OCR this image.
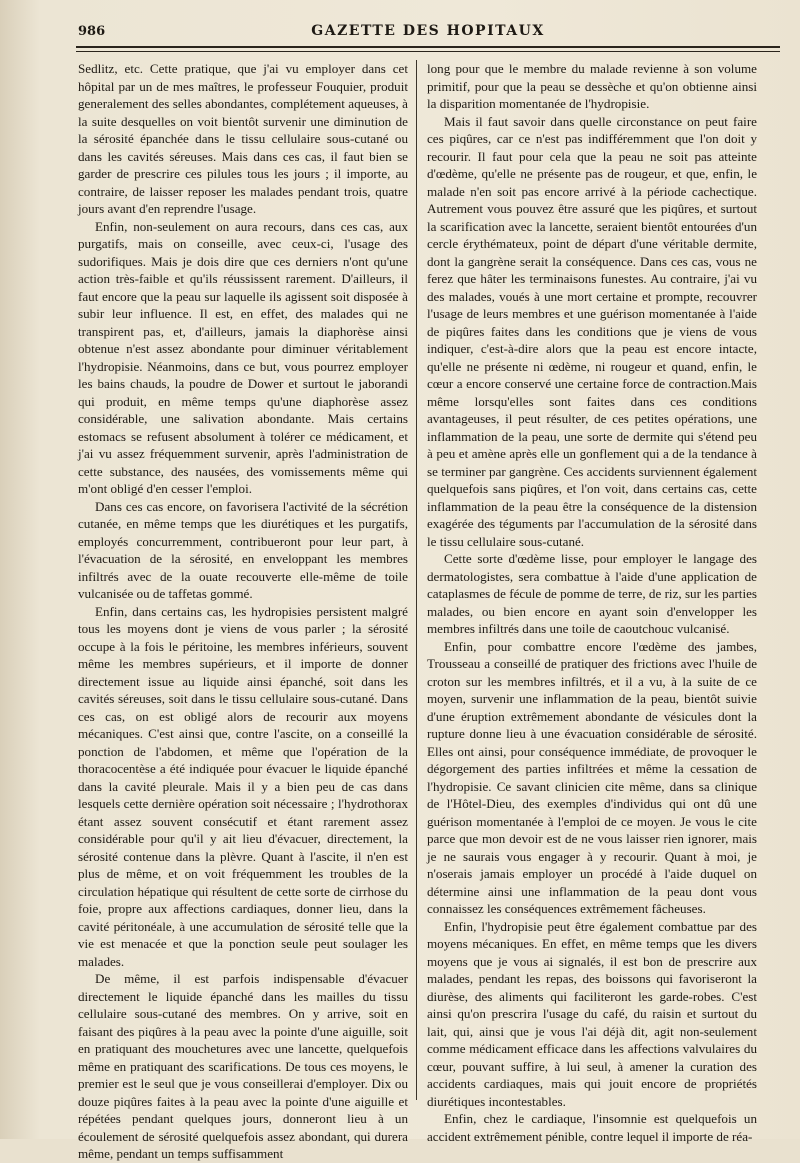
986	GAZETTE DES HOPITAUX

Sedlitz, etc. Cette pratique, que j'ai vu employer dans cet hôpital par un de mes maîtres, le professeur Fouquier, produit generalement des selles abondantes, complétement aqueuses, à la suite desquelles on voit bientôt survenir une diminution de la sérosité épanchée dans le tissu cellulaire sous-cutané ou dans les cavités séreuses. Mais dans ces cas, il faut bien se garder de prescrire ces pilules tous les jours ; il importe, au contraire, de laisser reposer les malades pendant trois, quatre jours avant d'en reprendre l'usage.

Enfin, non-seulement on aura recours, dans ces cas, aux purgatifs, mais on conseille, avec ceux-ci, l'usage des sudorifiques. Mais je dois dire que ces derniers n'ont qu'une action très-faible et qu'ils réussissent rarement. D'ailleurs, il faut encore que la peau sur laquelle ils agissent soit disposée à subir leur influence. Il est, en effet, des malades qui ne transpirent pas, et, d'ailleurs, jamais la diaphorèse ainsi obtenue n'est assez abondante pour diminuer véritablement l'hydropisie. Néanmoins, dans ce but, vous pourrez employer les bains chauds, la poudre de Dower et surtout le jaborandi qui produit, en même temps qu'une diaphorèse assez considérable, une salivation abondante. Mais certains estomacs se refusent absolument à tolérer ce médicament, et j'ai vu assez fréquemment survenir, après l'administration de cette substance, des nausées, des vomissements même qui m'ont obligé d'en cesser l'emploi.

Dans ces cas encore, on favorisera l'activité de la sécrétion cutanée, en même temps que les diurétiques et les purgatifs, employés concurremment, contribueront pour leur part, à l'évacuation de la sérosité, en enveloppant les membres infiltrés avec de la ouate recouverte elle-même de toile vulcanisée ou de taffetas gommé.

Enfin, dans certains cas, les hydropisies persistent malgré tous les moyens dont je viens de vous parler ; la sérosité occupe à la fois le péritoine, les membres inférieurs, souvent même les membres supérieurs, et il importe de donner directement issue au liquide ainsi épanché, soit dans les cavités séreuses, soit dans le tissu cellulaire sous-cutané. Dans ces cas, on est obligé alors de recourir aux moyens mécaniques. C'est ainsi que, contre l'ascite, on a conseillé la ponction de l'abdomen, et même que l'opération de la thoracocentèse a été indiquée pour évacuer le liquide épanché dans la cavité pleurale. Mais il y a bien peu de cas dans lesquels cette dernière opération soit nécessaire ; l'hydrothorax étant assez souvent consécutif et étant rarement assez considérable pour qu'il y ait lieu d'évacuer, directement, la sérosité contenue dans la plèvre. Quant à l'ascite, il n'en est plus de même, et on voit fréquemment les troubles de la circulation hépatique qui résultent de cette sorte de cirrhose du foie, propre aux affections cardiaques, donner lieu, dans la cavité péritonéale, à une accumulation de sérosité telle que la vie est menacée et que la ponction seule peut soulager les malades.

De même, il est parfois indispensable d'évacuer directement le liquide épanché dans les mailles du tissu cellulaire sous-cutané des membres. On y arrive, soit en faisant des piqûres à la peau avec la pointe d'une aiguille, soit en pratiquant des mouchetures avec une lancette, quelquefois même en pratiquant des scarifications. De tous ces moyens, le premier est le seul que je vous conseillerai d'employer. Dix ou douze piqûres faites à la peau avec la pointe d'une aiguille et répétées pendant quelques jours, donneront lieu à un écoulement de sérosité quelquefois assez abondant, qui durera même, pendant un temps suffisamment

long pour que le membre du malade revienne à son volume primitif, pour que la peau se dessèche et qu'on obtienne ainsi la disparition momentanée de l'hydropisie.

Mais il faut savoir dans quelle circonstance on peut faire ces piqûres, car ce n'est pas indifféremment que l'on doit y recourir. Il faut pour cela que la peau ne soit pas atteinte d'œdème, qu'elle ne présente pas de rougeur, et que, enfin, le malade n'en soit pas encore arrivé à la période cachectique. Autrement vous pouvez être assuré que les piqûres, et surtout la scarification avec la lancette, seraient bientôt entourées d'un cercle érythémateux, point de départ d'une véritable dermite, dont la gangrène serait la conséquence. Dans ces cas, vous ne ferez que hâter les terminaisons funestes. Au contraire, j'ai vu des malades, voués à une mort certaine et prompte, recouvrer l'usage de leurs membres et une guérison momentanée à l'aide de piqûres faites dans les conditions que je viens de vous indiquer, c'est-à-dire alors que la peau est encore intacte, qu'elle ne présente ni œdème, ni rougeur et quand, enfin, le cœur a encore conservé une certaine force de contraction.Mais même lorsqu'elles sont faites dans ces conditions avantageuses, il peut résulter, de ces petites opérations, une inflammation de la peau, une sorte de dermite qui s'étend peu à peu et amène après elle un gonflement qui a de la tendance à se terminer par gangrène. Ces accidents surviennent également quelquefois sans piqûres, et l'on voit, dans certains cas, cette inflammation de la peau être la conséquence de la distension exagérée des téguments par l'accumulation de la sérosité dans le tissu cellulaire sous-cutané.

Cette sorte d'œdème lisse, pour employer le langage des dermatologistes, sera combattue à l'aide d'une application de cataplasmes de fécule de pomme de terre, de riz, sur les parties malades, ou bien encore en ayant soin d'envelopper les membres infiltrés dans une toile de caoutchouc vulcanisé.

Enfin, pour combattre encore l'œdème des jambes, Trousseau a conseillé de pratiquer des frictions avec l'huile de croton sur les membres infiltrés, et il a vu, à la suite de ce moyen, survenir une inflammation de la peau, bientôt suivie d'une éruption extrêmement abondante de vésicules dont la rupture donne lieu à une évacuation considérable de sérosité. Elles ont ainsi, pour conséquence immédiate, de provoquer le dégorgement des parties infiltrées et même la cessation de l'hydropisie. Ce savant clinicien cite même, dans sa clinique de l'Hôtel-Dieu, des exemples d'individus qui ont dû une guérison momentanée à l'emploi de ce moyen. Je vous le cite parce que mon devoir est de ne vous laisser rien ignorer, mais je ne saurais vous engager à y recourir. Quant à moi, je n'oserais jamais employer un procédé à l'aide duquel on détermine ainsi une inflammation de la peau dont vous connaissez les conséquences extrêmement fâcheuses.

Enfin, l'hydropisie peut être également combattue par des moyens mécaniques. En effet, en même temps que les divers moyens que je vous ai signalés, il est bon de prescrire aux malades, pendant les repas, des boissons qui favoriseront la diurèse, des aliments qui faciliteront les garde-robes. C'est ainsi qu'on prescrira l'usage du café, du raisin et surtout du lait, qui, ainsi que je vous l'ai déjà dit, agit non-seulement comme médicament efficace dans les affections valvulaires du cœur, pouvant suffire, à lui seul, à amener la curation des accidents cardiaques, mais qui jouit encore de propriétés diurétiques incontestables.

Enfin, chez le cardiaque, l'insomnie est quelquefois un accident extrêmement pénible, contre lequel il importe de réa-
